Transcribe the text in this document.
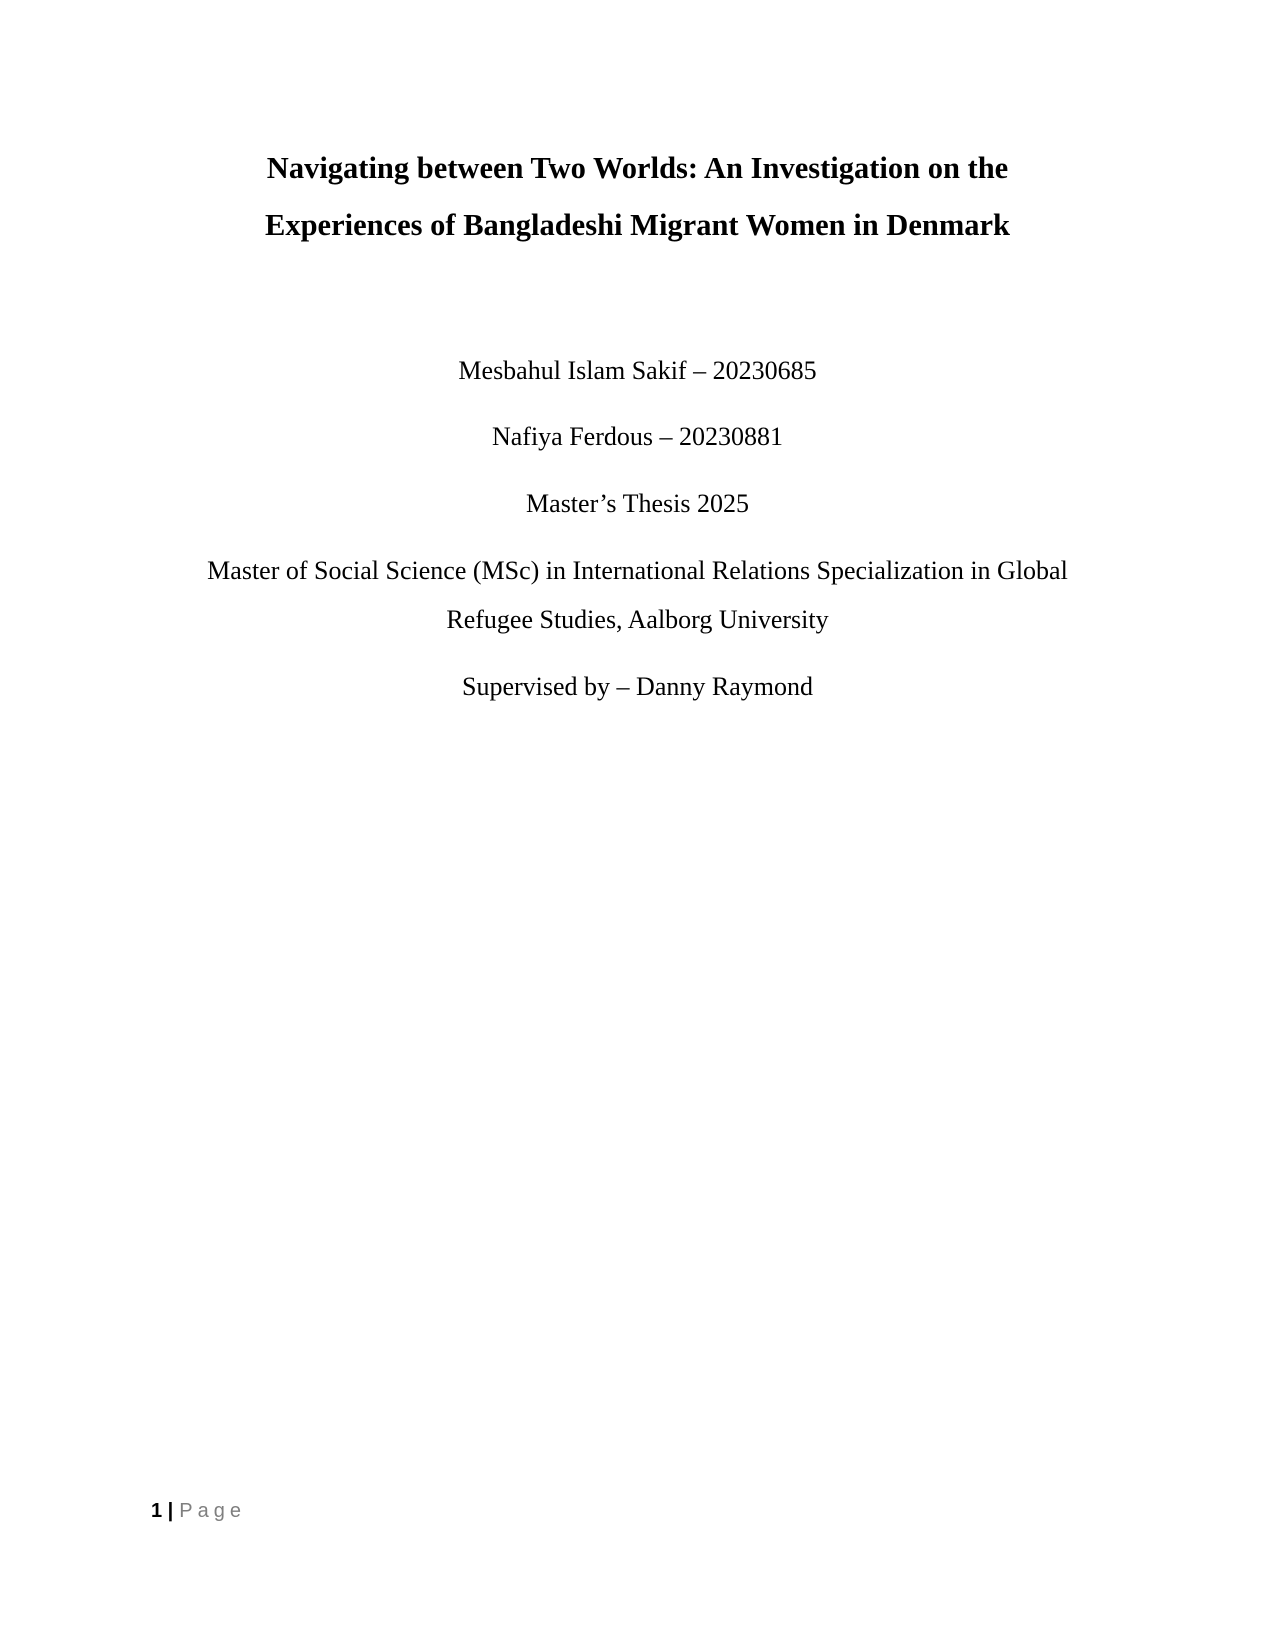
Navigating between Two Worlds: An Investigation on the
Experiences of Bangladeshi Migrant Women in Denmark
Mesbahul Islam Sakif – 20230685
Nafiya Ferdous – 20230881
Master’s Thesis 2025
Master of Social Science (MSc) in International Relations Specialization in Global
Refugee Studies, Aalborg University
Supervised by – Danny Raymond
1 | Page
